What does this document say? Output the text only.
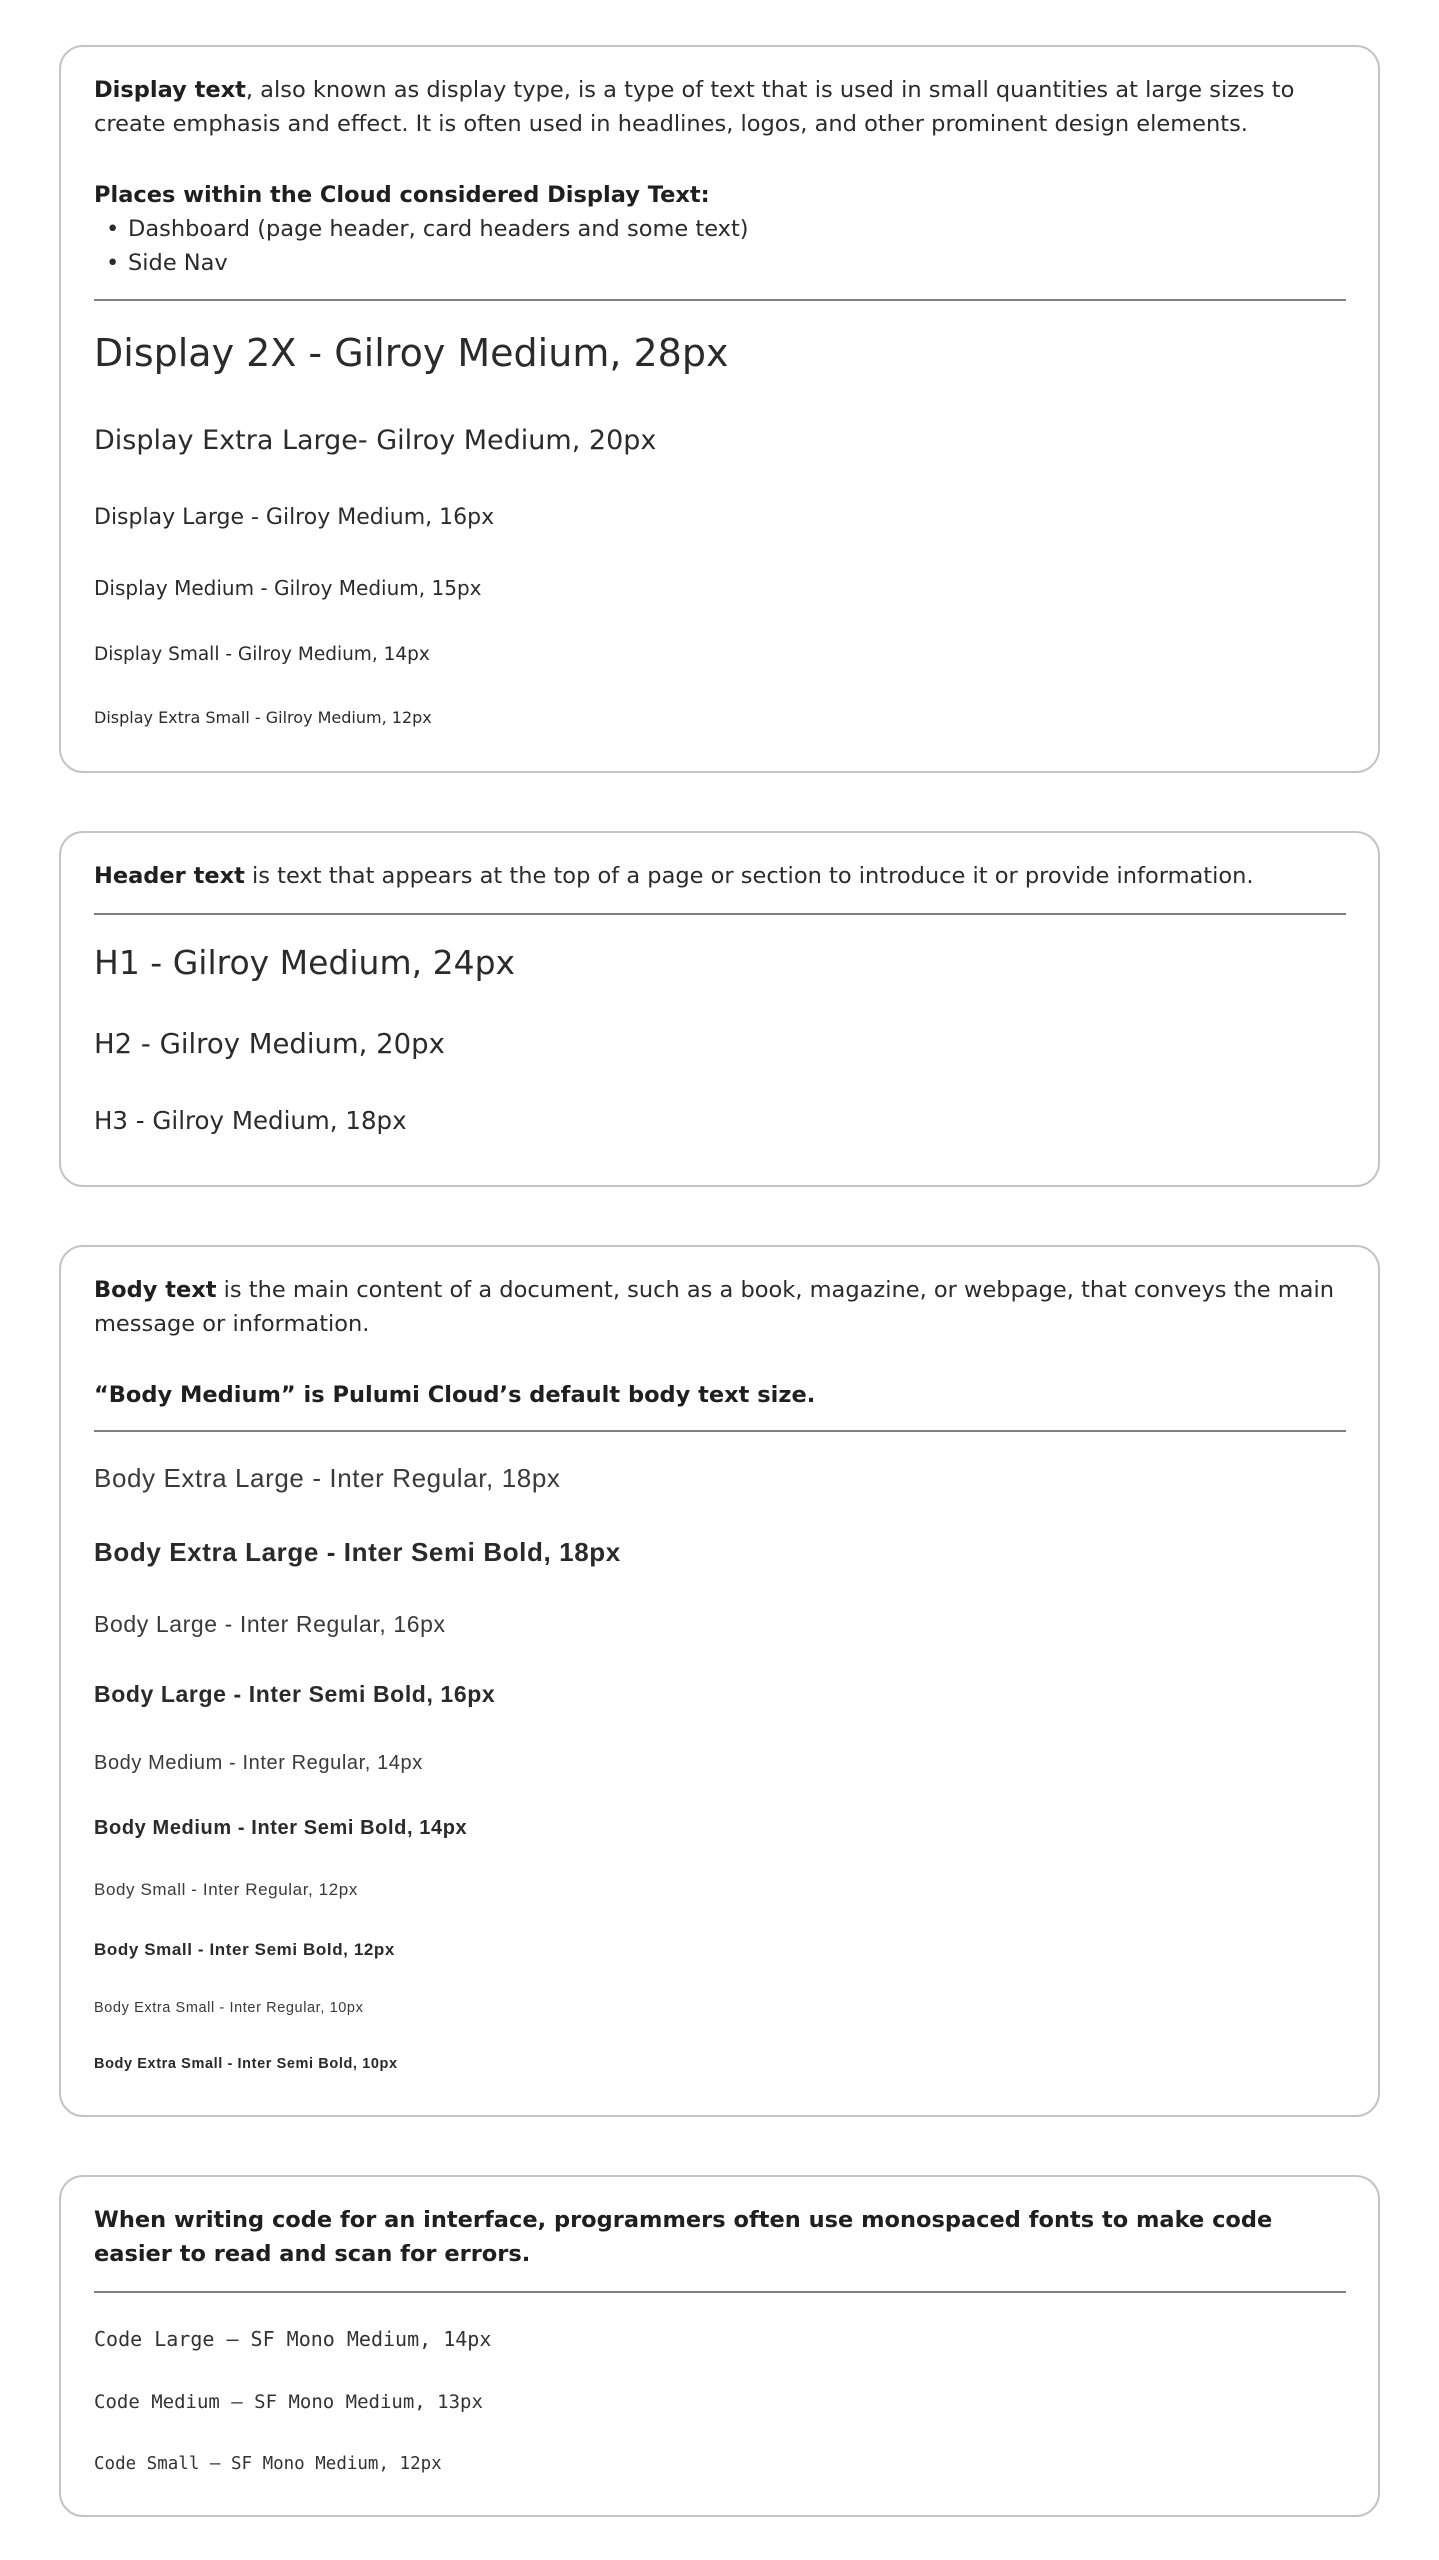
Display text, also known as display type, is a type of text that is used in small quantities at large sizes to create emphasis and effect. It is often used in headlines, logos, and other prominent design elements.

Places within the Cloud considered Display Text:

• Dashboard (page header, card headers and some text)
• Side Nav

Display 2X - Gilroy Medium, 28px

Display Extra Large- Gilroy Medium, 20px

Display Large - Gilroy Medium, 16px

Display Medium - Gilroy Medium, 15px

Display Small - Gilroy Medium, 14px

Display Extra Small - Gilroy Medium, 12px

Header text is text that appears at the top of a page or section to introduce it or provide information.

H1 - Gilroy Medium, 24px

H2 - Gilroy Medium, 20px

H3 - Gilroy Medium, 18px

Body text is the main content of a document, such as a book, magazine, or webpage, that conveys the main message or information.

“Body Medium” is Pulumi Cloud’s default body text size.

Body Extra Large - Inter Regular, 18px

Body Extra Large - Inter Semi Bold, 18px

Body Large - Inter Regular, 16px

Body Large - Inter Semi Bold, 16px

Body Medium - Inter Regular, 14px

Body Medium - Inter Semi Bold, 14px

Body Small - Inter Regular, 12px

Body Small - Inter Semi Bold, 12px

Body Extra Small - Inter Regular, 10px

Body Extra Small - Inter Semi Bold, 10px

When writing code for an interface, programmers often use monospaced fonts to make code easier to read and scan for errors.

Code Large – SF Mono Medium, 14px

Code Medium – SF Mono Medium, 13px

Code Small – SF Mono Medium, 12px
